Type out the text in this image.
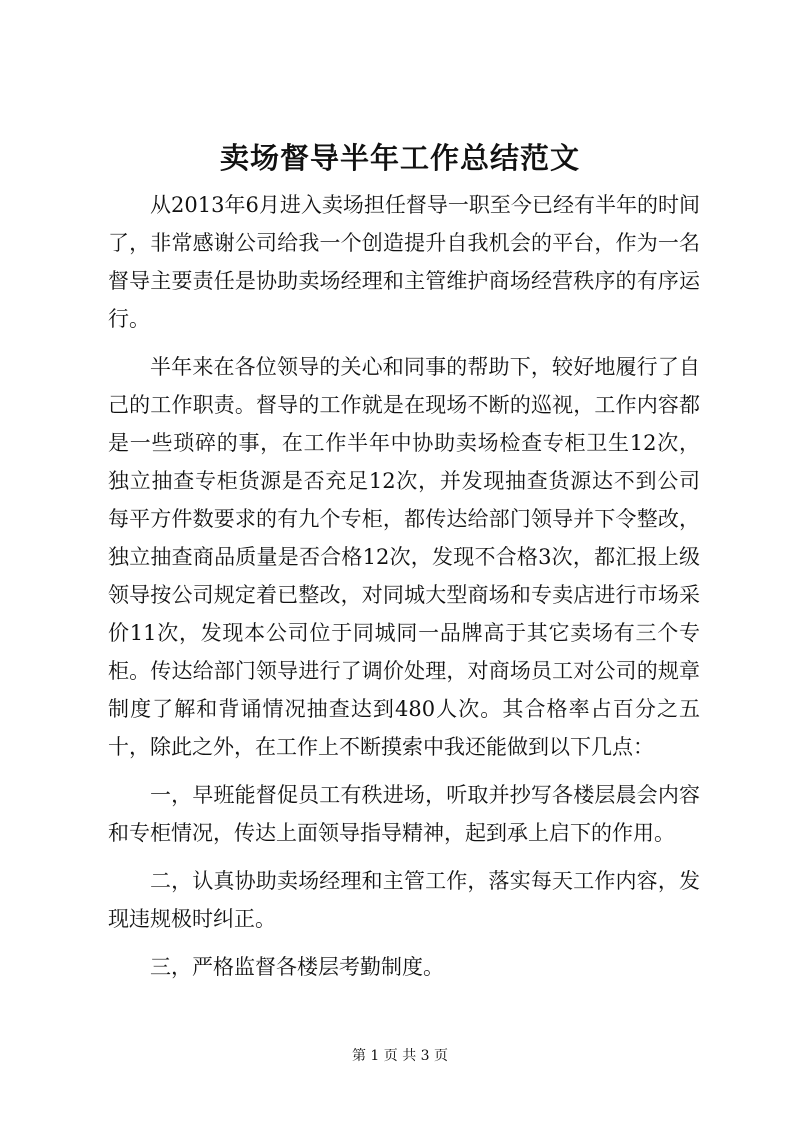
卖场督导半年工作总结范文

从2013年6月进入卖场担任督导一职至今已经有半年的时间了，非常感谢公司给我一个创造提升自我机会的平台，作为一名督导主要责任是协助卖场经理和主管维护商场经营秩序的有序运行。

半年来在各位领导的关心和同事的帮助下，较好地履行了自己的工作职责。督导的工作就是在现场不断的巡视，工作内容都是一些琐碎的事，在工作半年中协助卖场检查专柜卫生12次，独立抽查专柜货源是否充足12次，并发现抽查货源达不到公司每平方件数要求的有九个专柜，都传达给部门领导并下令整改，独立抽查商品质量是否合格12次，发现不合格3次，都汇报上级领导按公司规定着已整改，对同城大型商场和专卖店进行市场采价11次，发现本公司位于同城同一品牌高于其它卖场有三个专柜。传达给部门领导进行了调价处理，对商场员工对公司的规章制度了解和背诵情况抽查达到480人次。其合格率占百分之五十，除此之外，在工作上不断摸索中我还能做到以下几点：

一，早班能督促员工有秩进场，听取并抄写各楼层晨会内容和专柜情况，传达上面领导指导精神，起到承上启下的作用。

二，认真协助卖场经理和主管工作，落实每天工作内容，发现违规极时纠正。

三，严格监督各楼层考勤制度。

第 1 页 共 3 页
